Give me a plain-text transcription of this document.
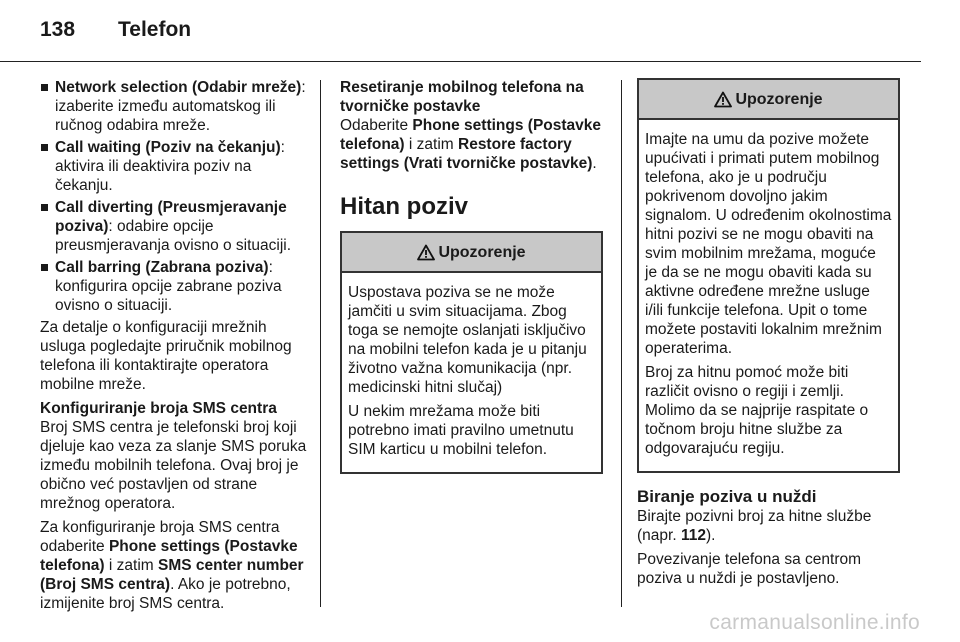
138 Telefon
Network selection (Odabir mreže):
izaberite između automatskog ili ručnog odabira mreže.
Call waiting (Poziv na čekanju):
aktivira ili deaktivira poziv na čekanju.
Call diverting (Preusmjeravanje poziva): odabire opcije preusmjeravanja ovisno o situaciji.
Call barring (Zabrana poziva):
konfigurira opcije zabrane poziva ovisno o situaciji.

Za detalje o konfiguraciji mrežnih usluga pogledajte priručnik mobilnog telefona ili kontaktirajte operatora mobilne mreže.

Konfiguriranje broja SMS centra

Broj SMS centra je telefonski broj koji djeluje kao veza za slanje SMS poruka između mobilnih telefona. Ovaj broj je obično već postavljen od strane mrežnog operatora.

Za konfiguriranje broja SMS centra odaberite Phone settings (Postavke telefona) i zatim SMS center number (Broj SMS centra). Ako je potrebno, izmijenite broj SMS centra.

Resetiranje mobilnog telefona na tvorničke postavke

Odaberite Phone settings (Postavke telefona) i zatim Restore factory settings (Vrati tvorničke postavke).

Hitan poziv
Upozorenje

Uspostava poziva se ne može jamčiti u svim situacijama. Zbog toga se nemojte oslanjati isključivo na mobilni telefon kada je u pitanju životno važna komunikacija (npr. medicinski hitni slučaj)

U nekim mrežama može biti potrebno imati pravilno umetnutu SIM karticu u mobilni telefon.

Upozorenje

Imajte na umu da pozive možete upućivati i primati putem mobilnog telefona, ako je u području pokrivenom dovoljno jakim signalom. U određenim okolnostima hitni pozivi se ne mogu obaviti na svim mobilnim mrežama, moguće je da se ne mogu obaviti kada su aktivne određene mrežne usluge i/ili funkcije telefona. Upit o tome možete postaviti lokalnim mrežnim operaterima.

Broj za hitnu pomoć može biti različit ovisno o regiji i zemlji. Molimo da se najprije raspitate o točnom broju hitne službe za odgovarajuću regiju.

Biranje poziva u nuždi

Birajte pozivni broj za hitne službe (napr. 112).

Povezivanje telefona sa centrom poziva u nuždi je postavljeno.

carmanualsonline.info
